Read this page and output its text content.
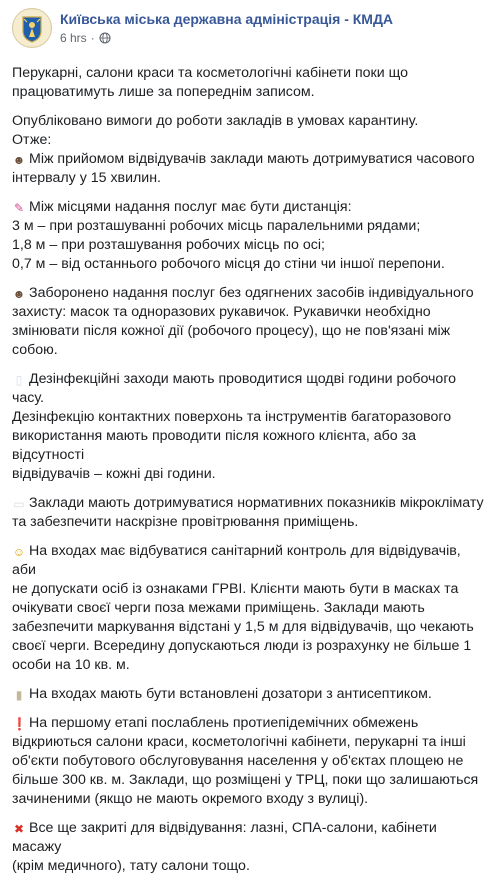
Київська міська державна адміністрація - КМДА
6 hrs ·
Перукарні, салони краси та косметологічні кабінети поки що
працюватимуть лише за попереднім записом.
Опубліковано вимоги до роботи закладів в умовах карантину.
Отже:
☻ Між прийомом відвідувачів заклади мають дотримуватися часового
інтервалу у 15 хвилин.
✎ Між місцями надання послуг має бути дистанція:
3 м – при розташуванні робочих місць паралельними рядами;
1,8 м – при розташування робочих місць по осі;
0,7 м – від останнього робочого місця до стіни чи іншої перепони.
☻ Заборонено надання послуг без одягнених засобів індивідуального
захисту: масок та одноразових рукавичок. Рукавички необхідно
змінювати після кожної дії (робочого процесу), що не пов'язані між
собою.
▯ Дезінфекційні заходи мають проводитися щодві години робочого часу.
Дезінфекцію контактних поверхонь та інструментів багаторазового
використання мають проводити після кожного клієнта, або за відсутності
відвідувачів – кожні дві години.
▭ Заклади мають дотримуватися нормативних показників мікроклімату
та забезпечити наскрізне провітрювання приміщень.
☺ На входах має відбуватися санітарний контроль для відвідувачів, аби
не допускати осіб із ознаками ГРВІ. Клієнти мають бути в масках та
очікувати своєї черги поза межами приміщень. Заклади мають
забезпечити маркування відстані у 1,5 м для відвідувачів, що чекають
своєї черги. Всередину допускаються люди із розрахунку не більше 1
особи на 10 кв. м.
▮ На входах мають бути встановлені дозатори з антисептиком.
❗ На першому етапі послаблень протиепідемічних обмежень
відкриються салони краси, косметологічні кабінети, перукарні та інші
об'єкти побутового обслуговування населення у об'єктах площею не
більше 300 кв. м. Заклади, що розміщені у ТРЦ, поки що залишаються
зачиненими (якщо не мають окремого входу з вулиці).
✖ Все ще закриті для відвідування: лазні, СПА-салони, кабінети масажу
(крім медичного), тату салони тощо.
